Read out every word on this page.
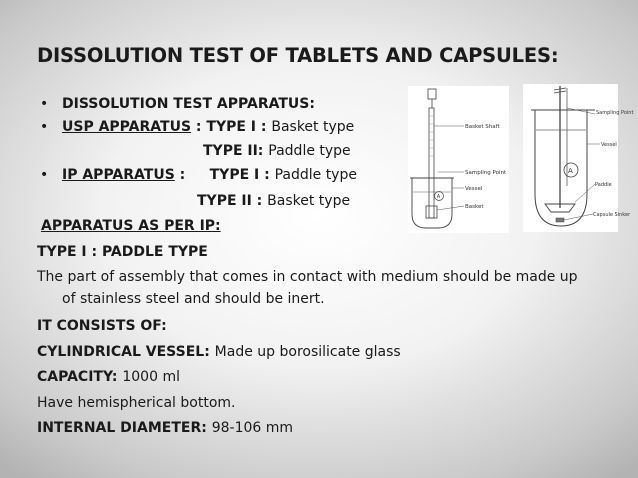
DISSOLUTION TEST OF TABLETS AND CAPSULES:
• DISSOLUTION TEST APPARATUS:
• USP APPARATUS : TYPE I : Basket type
TYPE II: Paddle type
• IP APPARATUS :     TYPE I : Paddle type
TYPE II : Basket type
APPARATUS AS PER IP:
TYPE I : PADDLE TYPE
The part of assembly that comes in contact with medium should be made up
of stainless steel and should be inert.
IT CONSISTS OF:
CYLINDRICAL VESSEL: Made up borosilicate glass
CAPACITY: 1000 ml
Have hemispherical bottom.
INTERNAL DIAMETER: 98-106 mm
Basket Shaft
Sampling Point
Vessel
Basket
A
Sampling Point
Vessel
A
Paddle
Capsule Sinker
